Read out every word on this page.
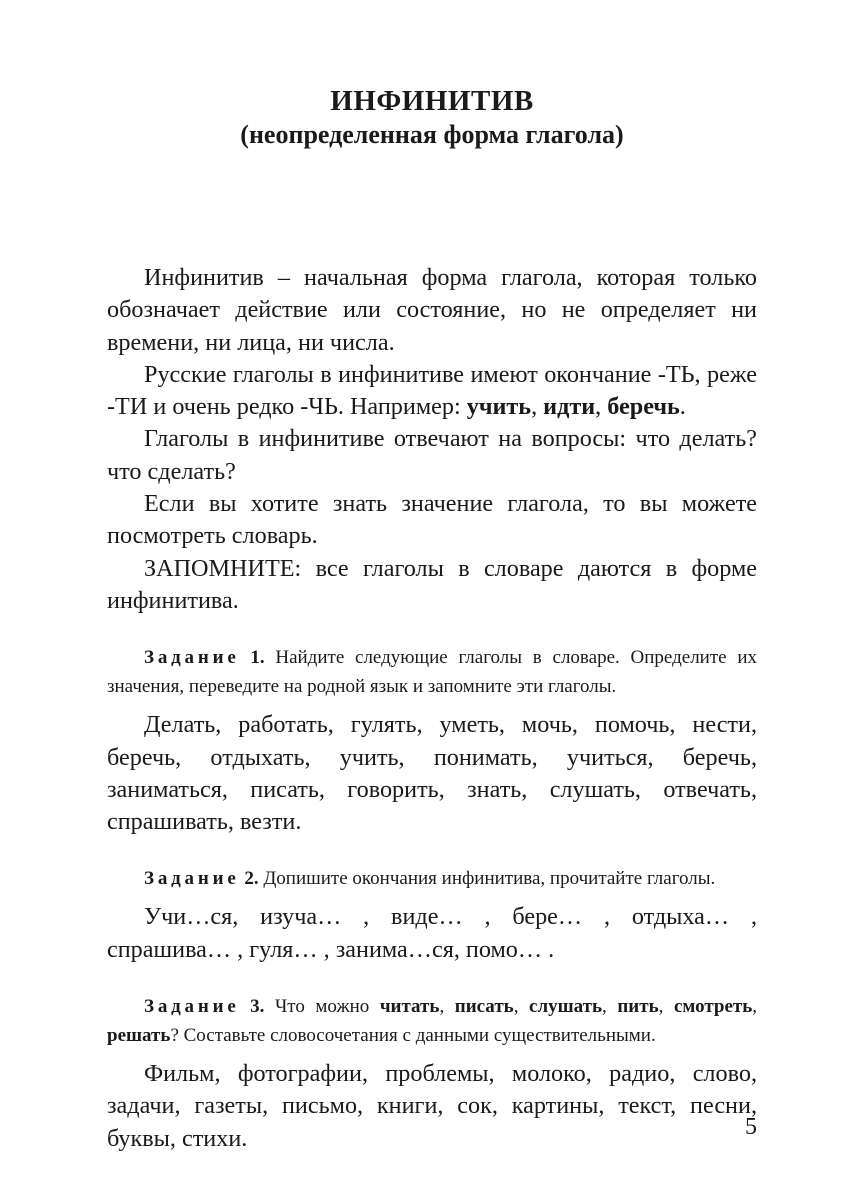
ИНФИНИТИВ
(неопределенная форма глагола)

Инфинитив – начальная форма глагола, которая только обозначает действие или состояние, но не определяет ни времени, ни лица, ни числа.

Русские глаголы в инфинитиве имеют окончание -ТЬ, реже -ТИ и очень редко -ЧЬ. Например: учить, идти, беречь.

Глаголы в инфинитиве отвечают на вопросы: что делать? что сделать?

Если вы хотите знать значение глагола, то вы можете посмотреть словарь.

ЗАПОМНИТЕ: все глаголы в словаре даются в форме инфинитива.

Задание 1. Найдите следующие глаголы в словаре. Определите их значения, переведите на родной язык и запомните эти глаголы.

Делать, работать, гулять, уметь, мочь, помочь, нести, беречь, отдыхать, учить, понимать, учиться, беречь, заниматься, писать, говорить, знать, слушать, отвечать, спрашивать, везти.

Задание 2. Допишите окончания инфинитива, прочитайте глаголы.

Учи…ся, изуча… , виде… , бере… , отдыха… , спрашива… , гуля… , занима…ся, помо… .

Задание 3. Что можно читать, писать, слушать, пить, смотреть, решать? Составьте словосочетания с данными существительными.

Фильм, фотографии, проблемы, молоко, радио, слово, задачи, газеты, письмо, книги, сок, картины, текст, песни, буквы, стихи.	5
